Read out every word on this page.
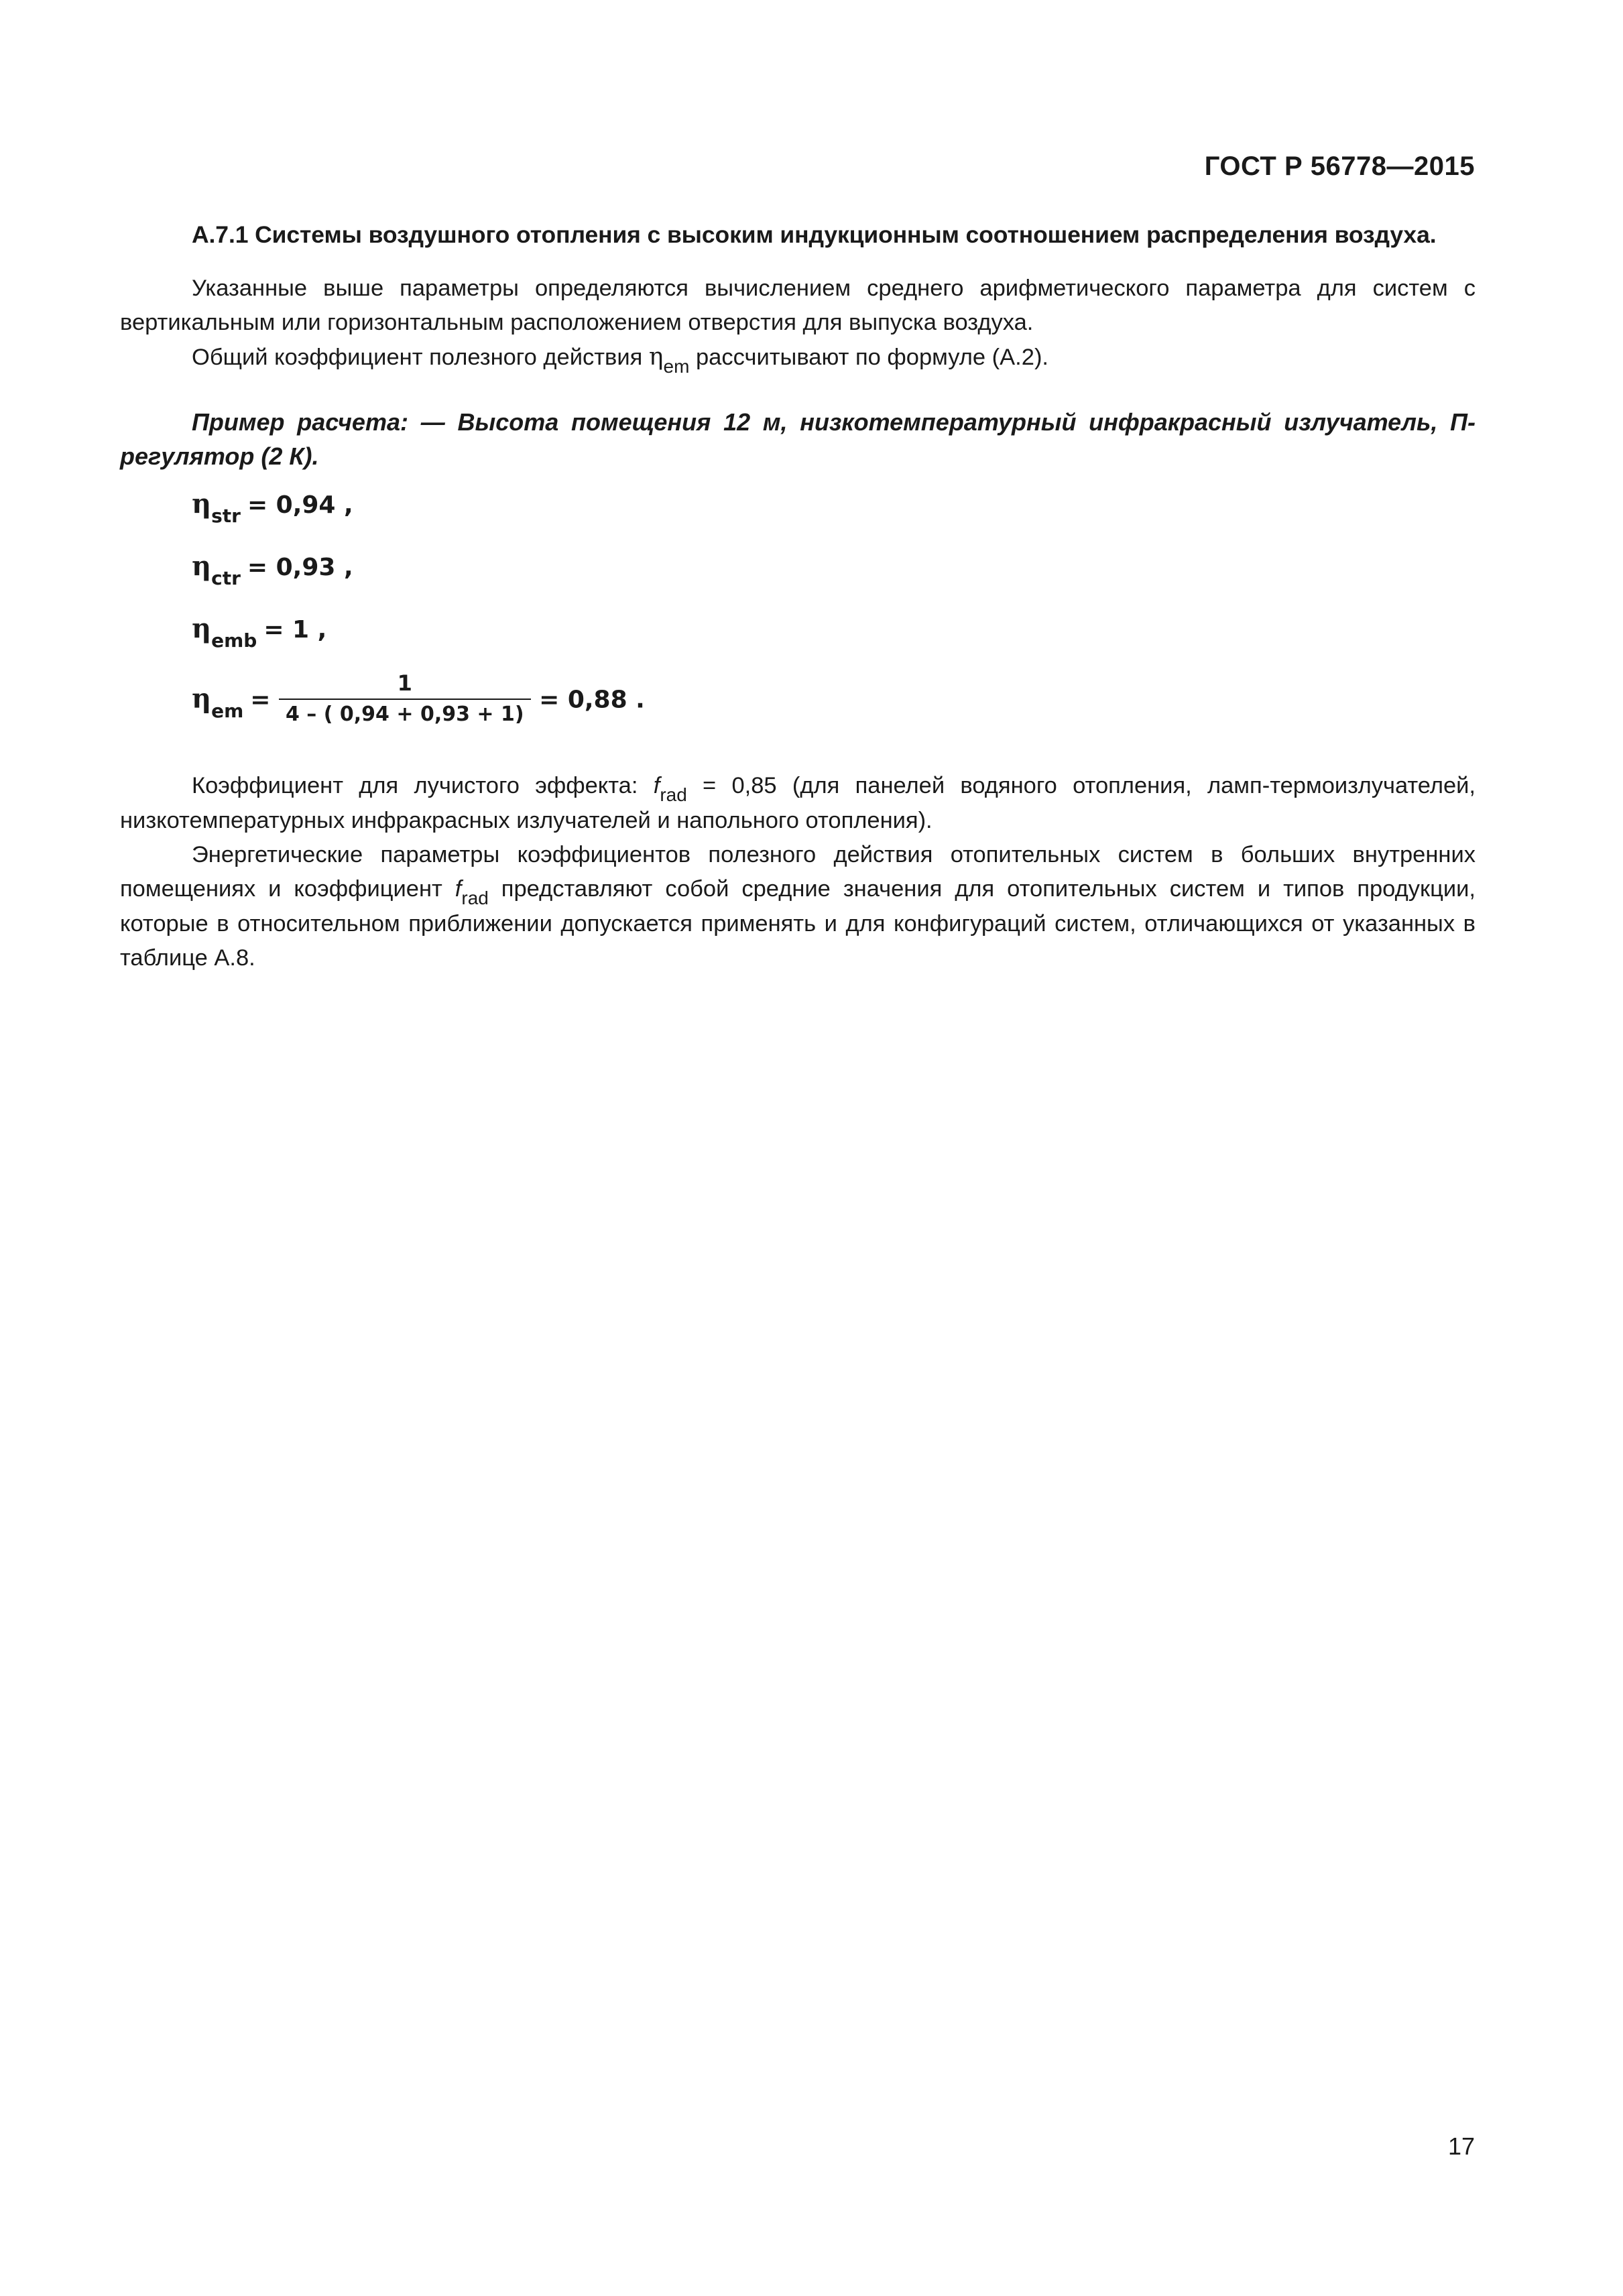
ГОСТ Р 56778—2015
А.7.1 Системы воздушного отопления с высоким индукционным соотношением распределения воздуха.

Указанные выше параметры определяются вычислением среднего арифметического параметра для систем с вертикальным или горизонтальным расположением отверстия для выпуска воздуха.

Общий коэффициент полезного действия $\eta_{em}$ рассчитывают по формуле (А.2).

Пример расчета: — Высота помещения 12 м, низкотемпературный инфракрасный излучатель, П-регулятор (2 К).

$\eta_{str} = 0,94$ ,
$\eta_{ctr} = 0,93$ ,
$\eta_{emb} = 1$ ,
$\eta_{em} = \frac{1}{4 - ( 0,94 + 0,93 + 1)} = 0,88$ .

Коэффициент для лучистого эффекта: $f_{rad} = 0,85$ (для панелей водяного отопления, ламп-термоизлучателей, низкотемпературных инфракрасных излучателей и напольного отопления).

Энергетические параметры коэффициентов полезного действия отопительных систем в больших внутренних помещениях и коэффициент $f_{rad}$ представляют собой средние значения для отопительных систем и типов продукции, которые в относительном приближении допускается применять и для конфигураций систем, отличающихся от указанных в таблице А.8.

17
